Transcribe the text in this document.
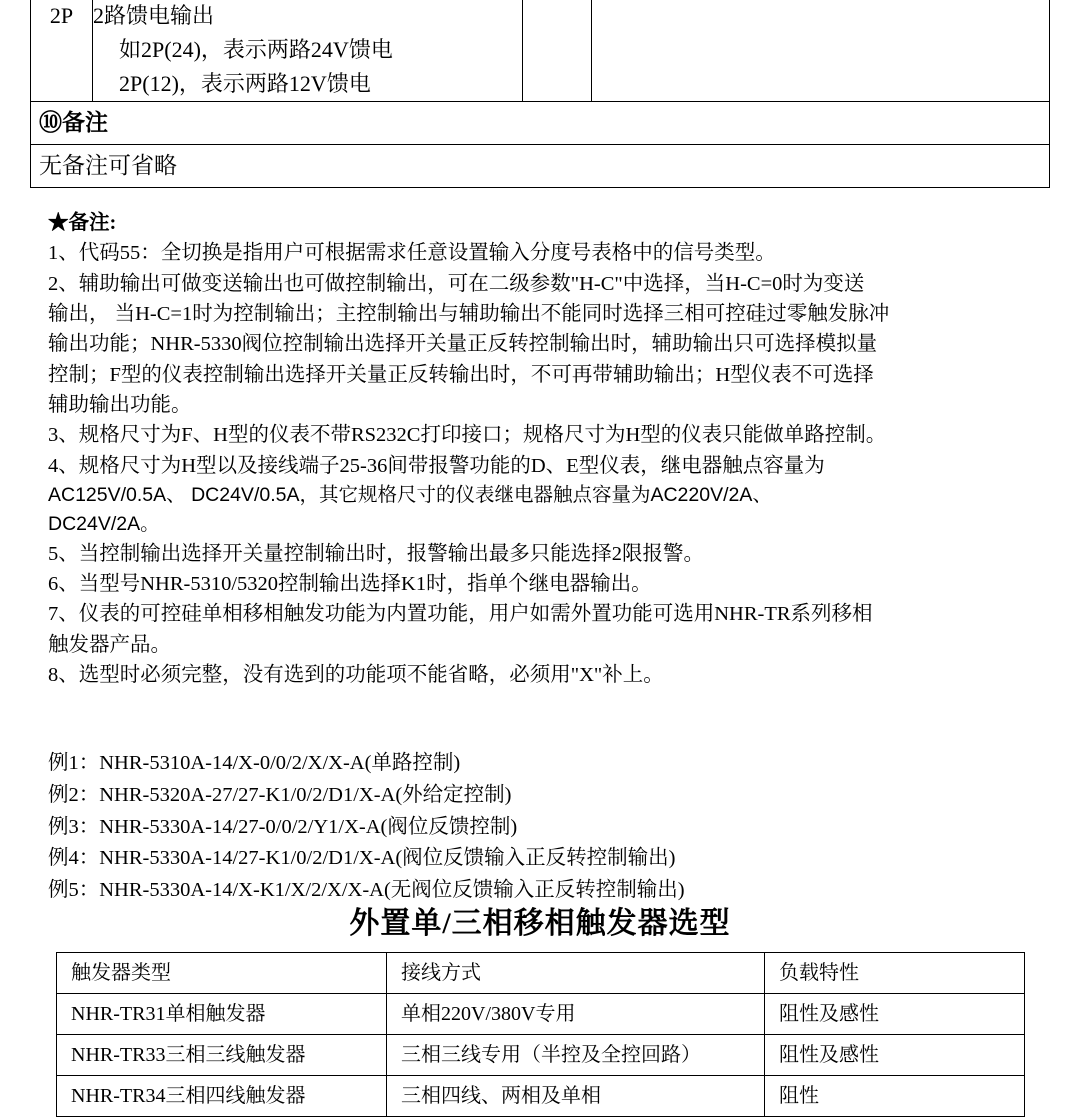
2P	2路馈电输出
如2P(24)，表示两路24V馈电
2P(12)，表示两路12V馈电

⑩备注
无备注可省略

★备注:

1、代码55：全切换是指用户可根据需求任意设置输入分度号表格中的信号类型。

2、辅助输出可做变送输出也可做控制输出，可在二级参数"H-C"中选择，当H-C=0时为变送

输出， 当H-C=1时为控制输出；主控制输出与辅助输出不能同时选择三相可控硅过零触发脉冲

输出功能；NHR-5330阀位控制输出选择开关量正反转控制输出时，辅助输出只可选择模拟量

控制；F型的仪表控制输出选择开关量正反转输出时，不可再带辅助输出；H型仪表不可选择

辅助输出功能。

3、规格尺寸为F、H型的仪表不带RS232C打印接口；规格尺寸为H型的仪表只能做单路控制。

4、规格尺寸为H型以及接线端子25-36间带报警功能的D、E型仪表，继电器触点容量为

AC125V/0.5A、 DC24V/0.5A，其它规格尺寸的仪表继电器触点容量为AC220V/2A、

DC24V/2A。

5、当控制输出选择开关量控制输出时，报警输出最多只能选择2限报警。

6、当型号NHR-5310/5320控制输出选择K1时，指单个继电器输出。

7、仪表的可控硅单相移相触发功能为内置功能，用户如需外置功能可选用NHR-TR系列移相

触发器产品。

8、选型时必须完整，没有选到的功能项不能省略，必须用"X"补上。

例1：NHR-5310A-14/X-0/0/2/X/X-A(单路控制)

例2：NHR-5320A-27/27-K1/0/2/D1/X-A(外给定控制)

例3：NHR-5330A-14/27-0/0/2/Y1/X-A(阀位反馈控制)

例4：NHR-5330A-14/27-K1/0/2/D1/X-A(阀位反馈输入正反转控制输出)

例5：NHR-5330A-14/X-K1/X/2/X/X-A(无阀位反馈输入正反转控制输出)

外置单/三相移相触发器选型
触发器类型	接线方式	负载特性
NHR-TR31单相触发器	单相220V/380V专用	阻性及感性
NHR-TR33三相三线触发器	三相三线专用（半控及全控回路）	阻性及感性
NHR-TR34三相四线触发器	三相四线、两相及单相	阻性
